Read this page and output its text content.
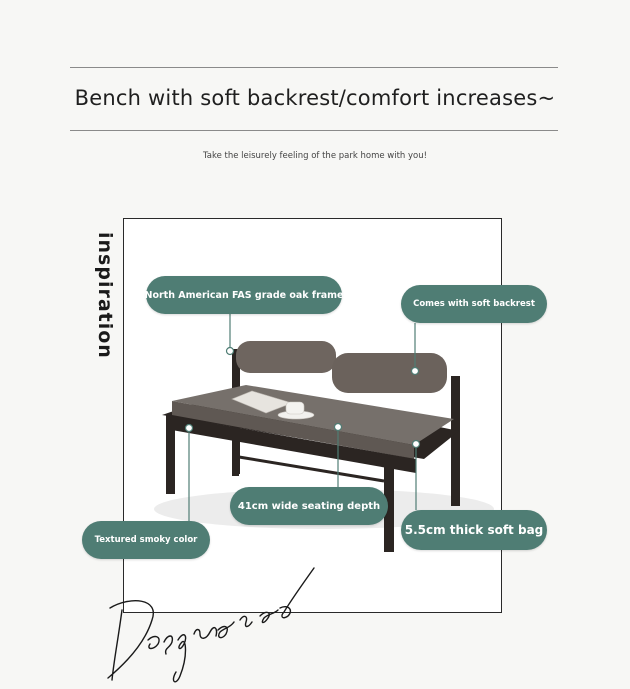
Bench with soft backrest/comfort increases~
Take the leisurely feeling of the park home with you!
inspiration	North American FAS grade oak frame
Comes with soft backrest
Textured smoky color
41cm wide seating depth
5.5cm thick soft bag
